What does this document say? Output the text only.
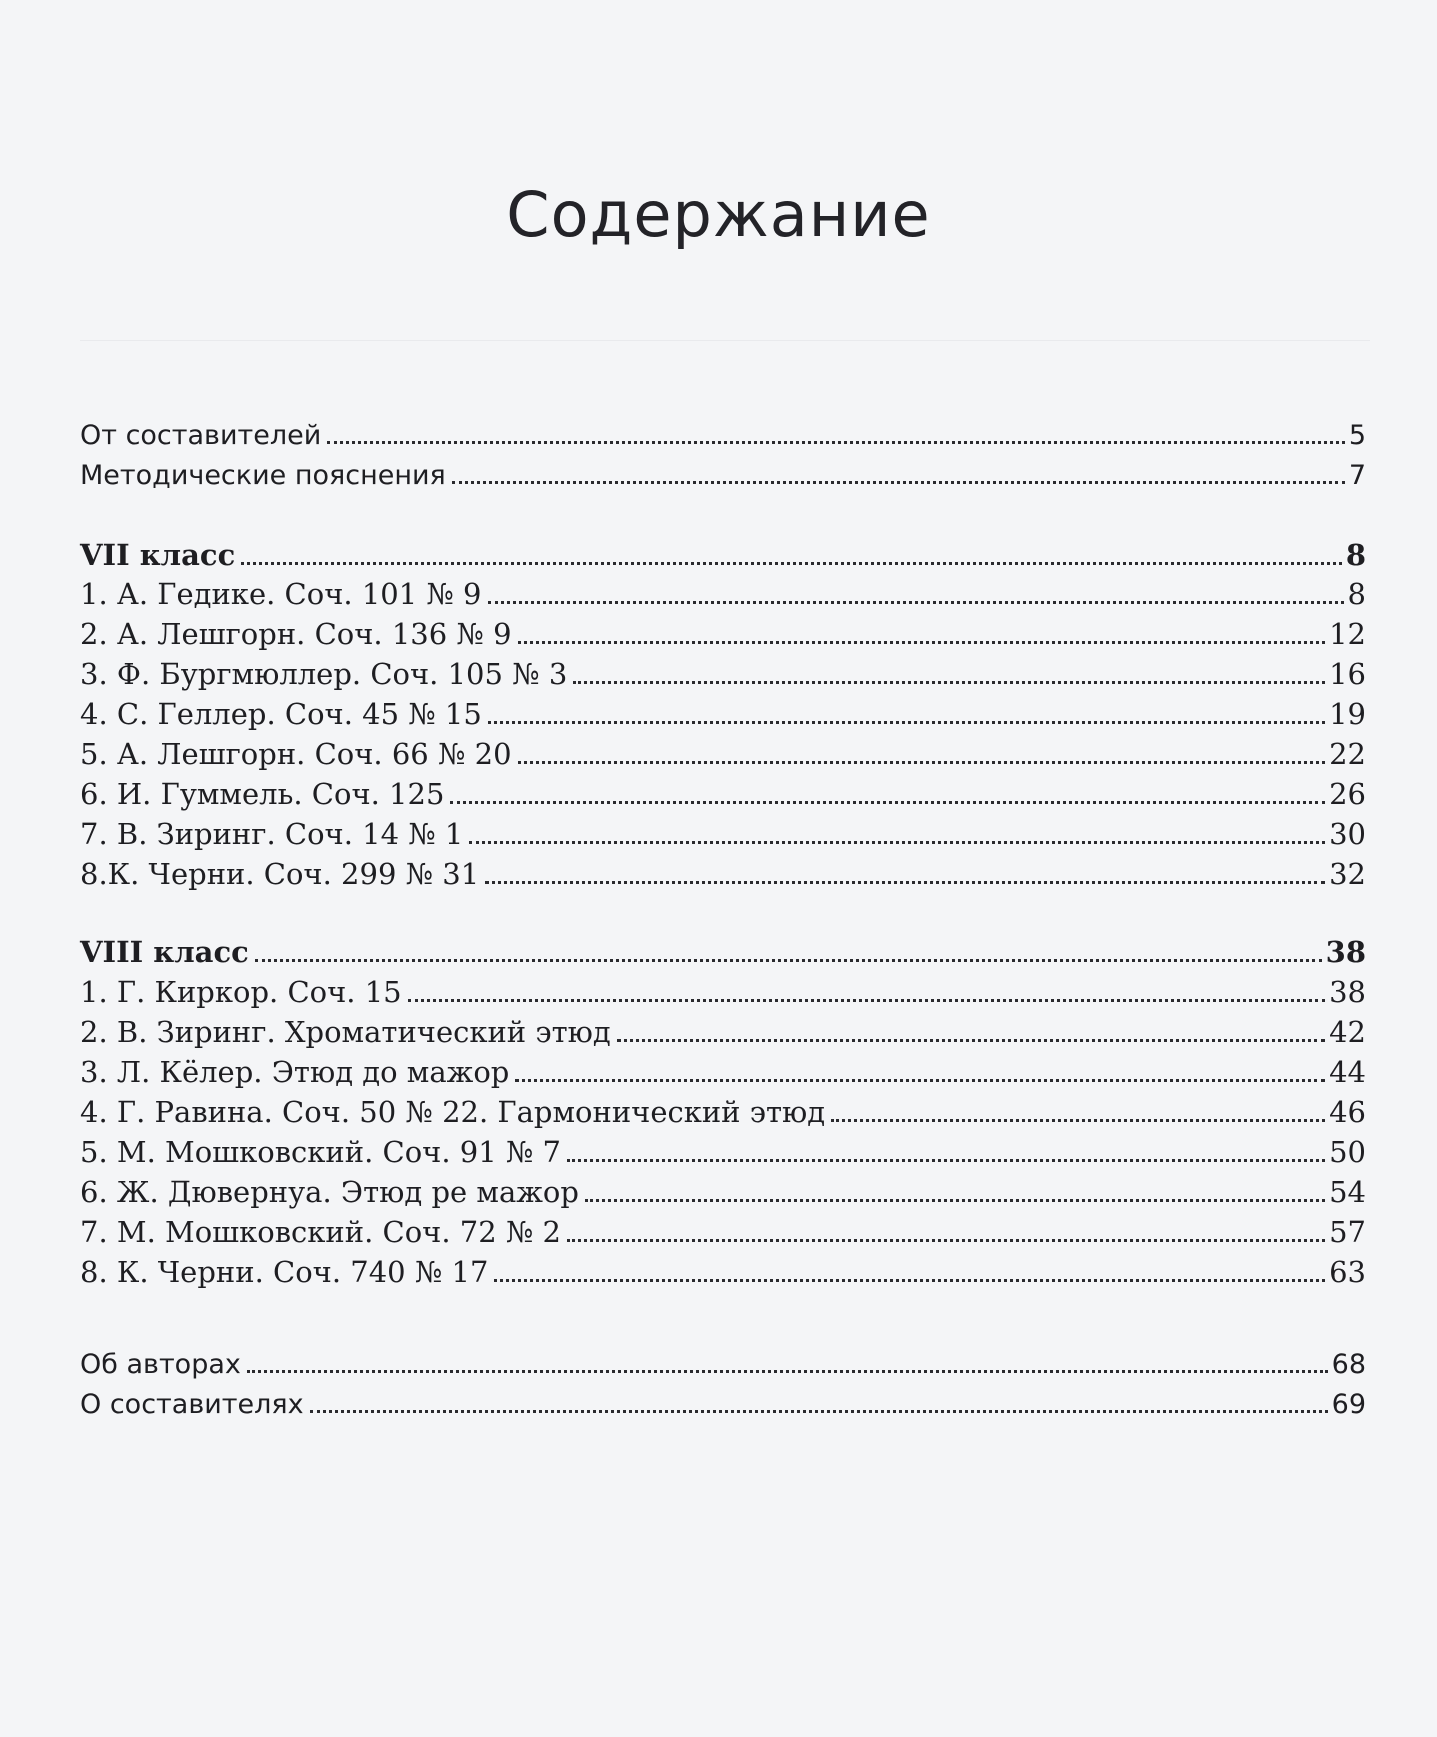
Содержание
От составителей	5
Методические пояснения	7
VII класс	8
1. А. Гедике. Соч. 101 № 9	8
2. А. Лешгорн. Соч. 136 № 9	12
3. Ф. Бургмюллер. Соч. 105 № 3	16
4. С. Геллер. Соч. 45 № 15	19
5. А. Лешгорн. Соч. 66 № 20	22
6. И. Гуммель. Соч. 125	26
7. В. Зиринг. Соч. 14 № 1	30
8.К. Черни. Соч. 299 № 31	32
VIII класс	38
1. Г. Киркор. Соч. 15	38
2. В. Зиринг. Хроматический этюд	42
3. Л. Кёлер. Этюд до мажор	44
4. Г. Равина. Соч. 50 № 22. Гармонический этюд	46
5. М. Мошковский. Соч. 91 № 7	50
6. Ж. Дювернуа. Этюд ре мажор	54
7. М. Мошковский. Соч. 72 № 2	57
8. К. Черни. Соч. 740 № 17	63
Об авторах	68
О составителях	69
